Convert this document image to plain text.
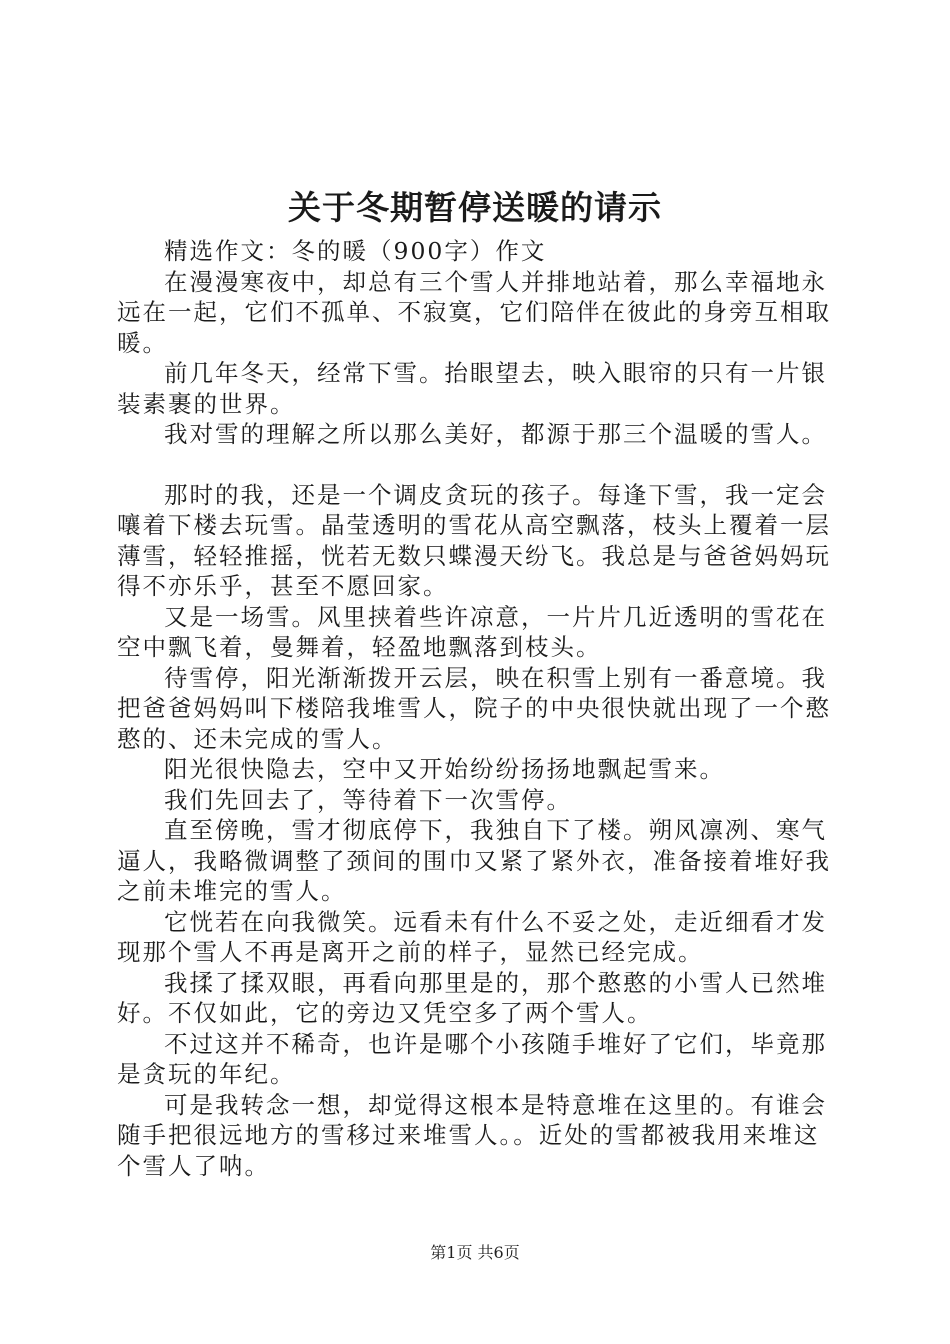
关于冬期暂停送暖的请示

精选作文：冬的暖（900字）作文

在漫漫寒夜中，却总有三个雪人并排地站着，那么幸福地永远在一起，它们不孤单、不寂寞，它们陪伴在彼此的身旁互相取暖。

前几年冬天，经常下雪。抬眼望去，映入眼帘的只有一片银装素裹的世界。

我对雪的理解之所以那么美好，都源于那三个温暖的雪人。

那时的我，还是一个调皮贪玩的孩子。每逢下雪，我一定会嚷着下楼去玩雪。晶莹透明的雪花从高空飘落，枝头上覆着一层薄雪，轻轻推摇，恍若无数只蝶漫天纷飞。我总是与爸爸妈妈玩得不亦乐乎，甚至不愿回家。

又是一场雪。风里挟着些许凉意，一片片几近透明的雪花在空中飘飞着，曼舞着，轻盈地飘落到枝头。

待雪停，阳光渐渐拨开云层，映在积雪上别有一番意境。我把爸爸妈妈叫下楼陪我堆雪人，院子的中央很快就出现了一个憨憨的、还未完成的雪人。

阳光很快隐去，空中又开始纷纷扬扬地飘起雪来。

我们先回去了，等待着下一次雪停。

直至傍晚，雪才彻底停下，我独自下了楼。朔风凛冽、寒气逼人，我略微调整了颈间的围巾又紧了紧外衣，准备接着堆好我之前未堆完的雪人。

它恍若在向我微笑。远看未有什么不妥之处，走近细看才发现那个雪人不再是离开之前的样子，显然已经完成。

我揉了揉双眼，再看向那里是的，那个憨憨的小雪人已然堆好。不仅如此，它的旁边又凭空多了两个雪人。

不过这并不稀奇，也许是哪个小孩随手堆好了它们，毕竟那是贪玩的年纪。

可是我转念一想，却觉得这根本是特意堆在这里的。有谁会随手把很远地方的雪移过来堆雪人。。近处的雪都被我用来堆这个雪人了呐。

第1页 共6页
